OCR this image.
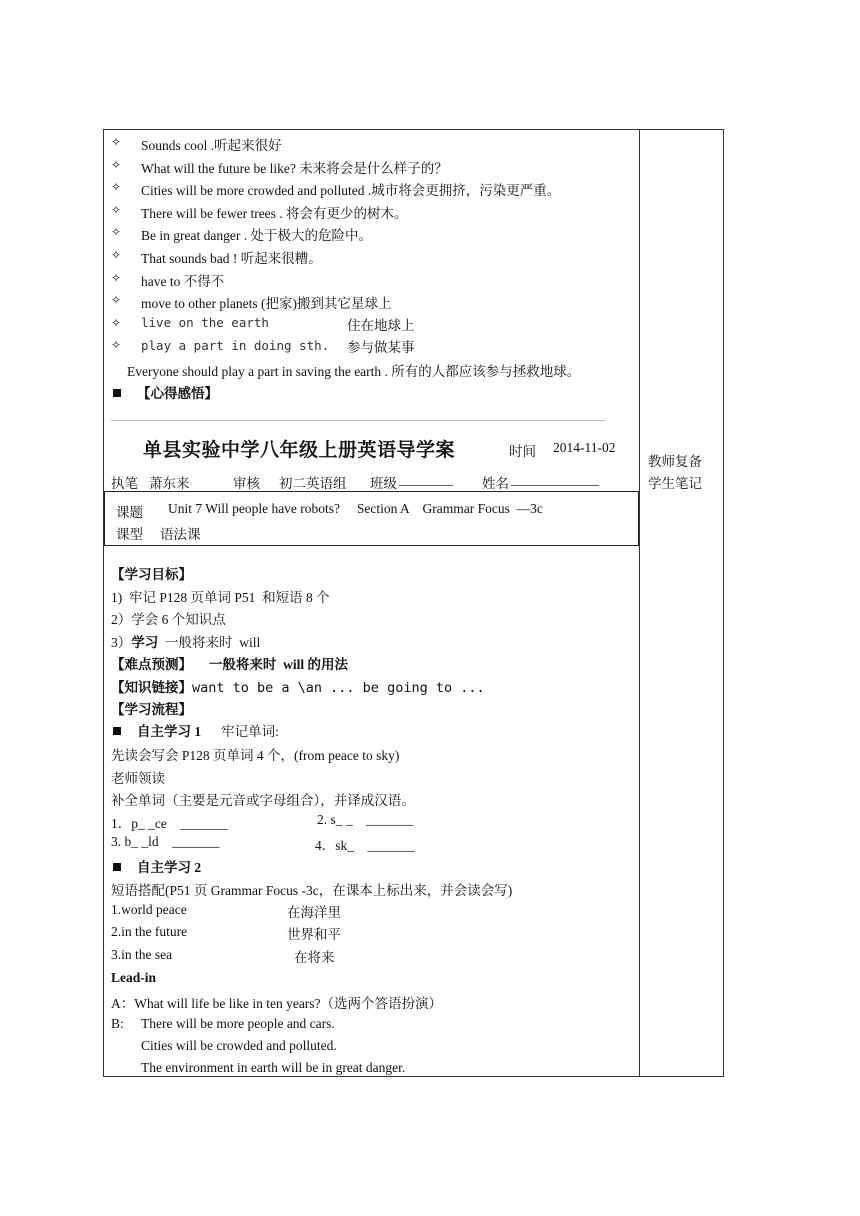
✧ Sounds cool .听起来很好
✧ What will the future be like? 未来将会是什么样子的？
✧ Cities will be more crowded and polluted .城市将会更拥挤，污染更严重。
✧ There will be fewer trees . 将会有更少的树木。
✧ Be in great danger . 处于极大的危险中。
✧ That sounds bad ! 听起来很糟。
✧ have to 不得不
✧ move to other planets (把家)搬到其它星球上
✧ live on the earth	住在地球上
✧ play a part in doing sth. 参与做某事
Everyone should play a part in saving the earth . 所有的人都应该参与拯救地球。
【心得感悟】
单县实验中学八年级上册英语导学案	时间 2014-11-02
执笔 萧东来	审核 初二英语组 班级 ________ 姓名 _____________
教师复备
学生笔记
课题 Unit 7 Will people have robots?     Section A    Grammar Focus  —3c
课型 语法课
【学习目标】
1)  牢记 P128 页单词 P51  和短语 8 个
2）学会 6 个知识点
3）学习  一般将来时  will
【难点预测】     一般将来时  will 的用法
【知识链接】want to be a \an ... be going to ...
【学习流程】
自主学习 1 牢记单词:
先读会写会 P128 页单词 4 个，(from peace to sky)
老师领读
补全单词（主要是元音或字母组合），并译成汉语。
1．p_ _ce    _______	2. s_ _    _______
3. b_ _ld    _______	4．sk_    _______
自主学习 2
短语搭配(P51 页 Grammar Focus -3c，在课本上标出来，并会读会写)
1.world peace	在海洋里
2.in the future	世界和平
3.in the sea	在将来
Lead-in
A：What will life be like in ten years?（选两个答语扮演）
B: There will be more people and cars.
Cities will be crowded and polluted.
The environment in earth will be in great danger.
